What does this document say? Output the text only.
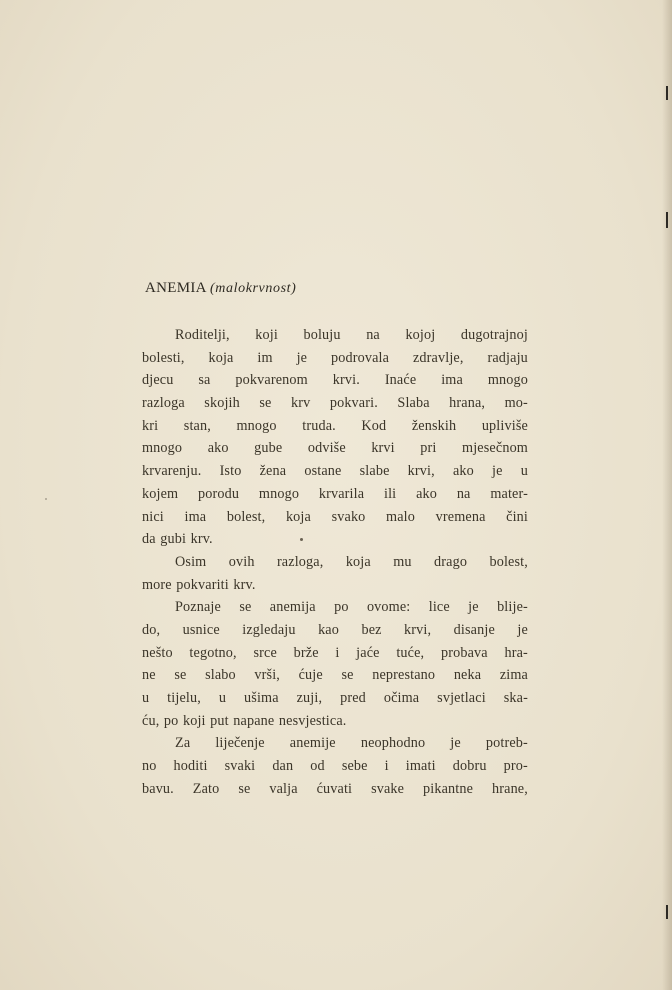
ANEMIA (malokrvnost)
Roditelji, koji boluju na kojoj dugotrajnoj
bolesti, koja im je podrovala zdravlje, radjaju
djecu sa pokvarenom krvi. Inaće ima mnogo
razloga skojih se krv pokvari. Slaba hrana, mo-
kri stan, mnogo truda. Kod ženskih upliviše
mnogo ako gube odviše krvi pri mjesečnom
krvarenju. Isto žena ostane slabe krvi, ako je u
kojem porodu mnogo krvarila ili ako na mater-
nici ima bolest, koja svako malo vremena čini
da gubi krv.
Osim ovih razloga, koja mu drago bolest,
more pokvariti krv.
Poznaje se anemija po ovome: lice je blije-
do, usnice izgledaju kao bez krvi, disanje je
nešto tegotno, srce brže i jaće tuće, probava hra-
ne se slabo vrši, ćuje se neprestano neka zima
u tijelu, u ušima zuji, pred očima svjetlaci ska-
ću, po koji put napane nesvjestica.
Za liječenje anemije neophodno je potreb-
no hoditi svaki dan od sebe i imati dobru pro-
bavu. Zato se valja ćuvati svake pikantne hrane,
